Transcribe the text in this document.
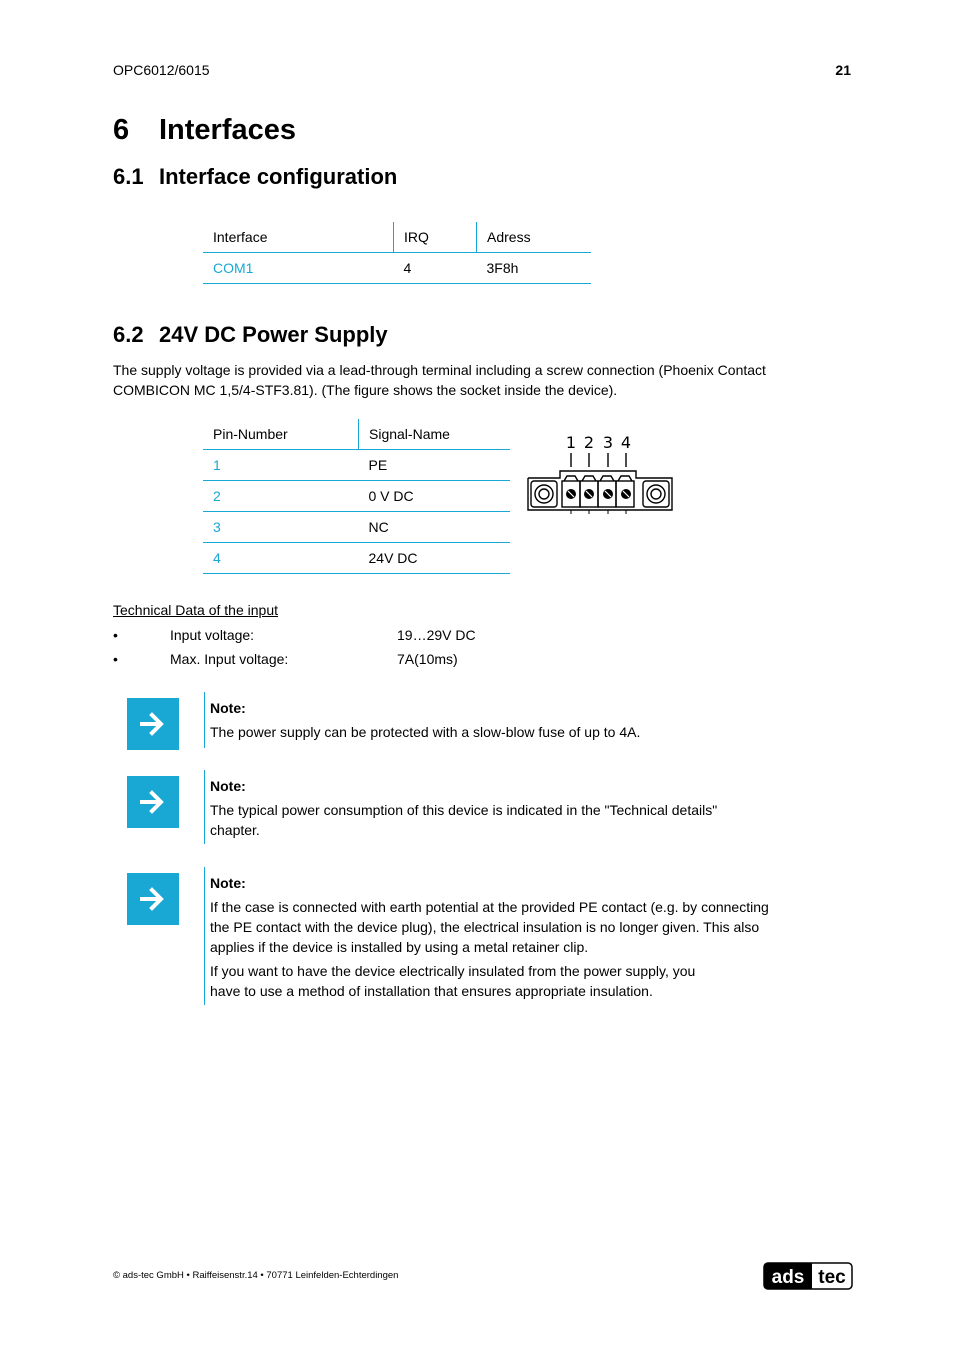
OPC6012/6015	21
6 Interfaces
6.1 Interface configuration
Interface	IRQ	Adress
COM1	4	3F8h
6.2 24V DC Power Supply
The supply voltage is provided via a lead-through terminal including a screw connection (Phoenix Contact
COMBICON MC 1,5/4-STF3.81). (The figure shows the socket inside the device).
Pin-Number	Signal-Name
1	PE
2	0 V DC
3	NC
4	24V DC
1 2 3 4
Technical Data of the input
•	Input voltage:	19…29V DC
•	Max. Input voltage:	7A(10ms)
Note:
The power supply can be protected with a slow-blow fuse of up to 4A.
Note:
The typical power consumption of this device is indicated in the "Technical details"
chapter.
Note:
If the case is connected with earth potential at the provided PE contact (e.g. by connecting
the PE contact with the device plug), the electrical insulation is no longer given. This also
applies if the device is installed by using a metal retainer clip.
If you want to have the device electrically insulated from the power supply, you
have to use a method of installation that ensures appropriate insulation.
© ads-tec GmbH • Raiffeisenstr.14 • 70771 Leinfelden-Echterdingen	ads tec
